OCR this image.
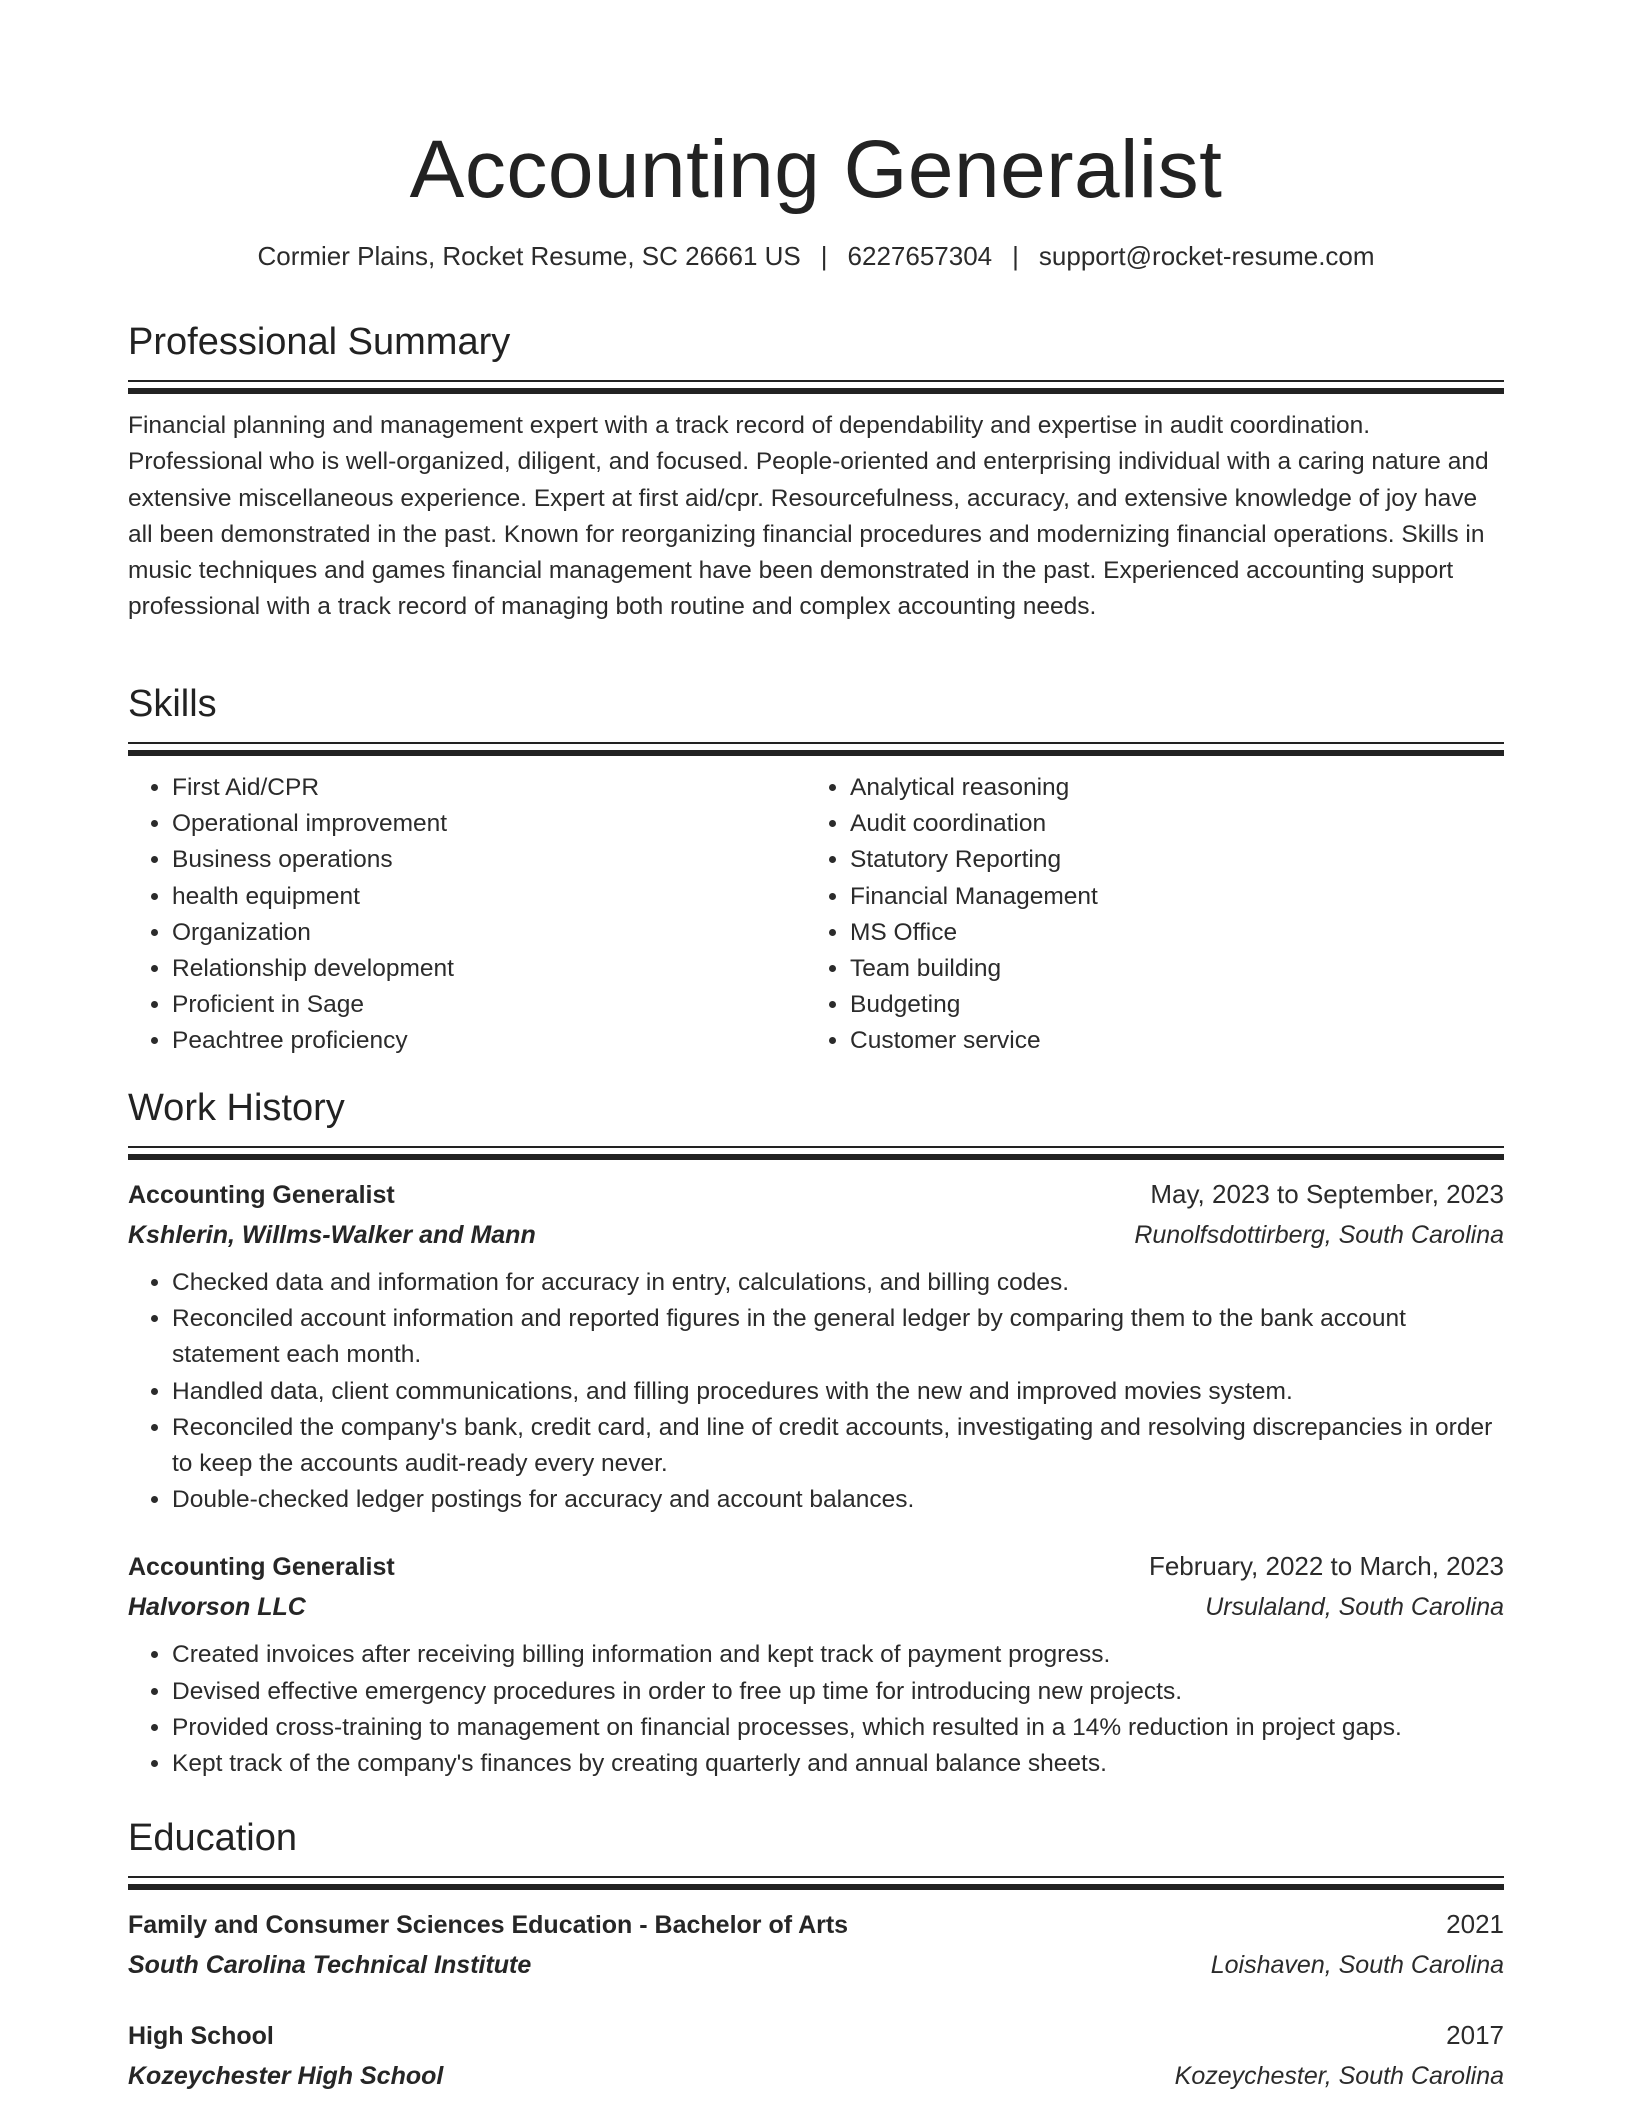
Accounting Generalist
Cormier Plains, Rocket Resume, SC 26661 US | 6227657304 | support@rocket-resume.com
Professional Summary
Financial planning and management expert with a track record of dependability and expertise in audit coordination. Professional who is well-organized, diligent, and focused. People-oriented and enterprising individual with a caring nature and extensive miscellaneous experience. Expert at first aid/cpr. Resourcefulness, accuracy, and extensive knowledge of joy have all been demonstrated in the past. Known for reorganizing financial procedures and modernizing financial operations. Skills in music techniques and games financial management have been demonstrated in the past. Experienced accounting support professional with a track record of managing both routine and complex accounting needs.
Skills
• First Aid/CPR
• Operational improvement
• Business operations
• health equipment
• Organization
• Relationship development
• Proficient in Sage
• Peachtree proficiency
• Analytical reasoning
• Audit coordination
• Statutory Reporting
• Financial Management
• MS Office
• Team building
• Budgeting
• Customer service
Work History
Accounting Generalist	May, 2023 to September, 2023
Kshlerin, Willms-Walker and Mann	Runolfsdottirberg, South Carolina
• Checked data and information for accuracy in entry, calculations, and billing codes.
• Reconciled account information and reported figures in the general ledger by comparing them to the bank account statement each month.
• Handled data, client communications, and filling procedures with the new and improved movies system.
• Reconciled the company's bank, credit card, and line of credit accounts, investigating and resolving discrepancies in order to keep the accounts audit-ready every never.
• Double-checked ledger postings for accuracy and account balances.
Accounting Generalist	February, 2022 to March, 2023
Halvorson LLC	Ursulaland, South Carolina
• Created invoices after receiving billing information and kept track of payment progress.
• Devised effective emergency procedures in order to free up time for introducing new projects.
• Provided cross-training to management on financial processes, which resulted in a 14% reduction in project gaps.
• Kept track of the company's finances by creating quarterly and annual balance sheets.
Education
Family and Consumer Sciences Education - Bachelor of Arts	2021
South Carolina Technical Institute	Loishaven, South Carolina
High School	2017
Kozeychester High School	Kozeychester, South Carolina
